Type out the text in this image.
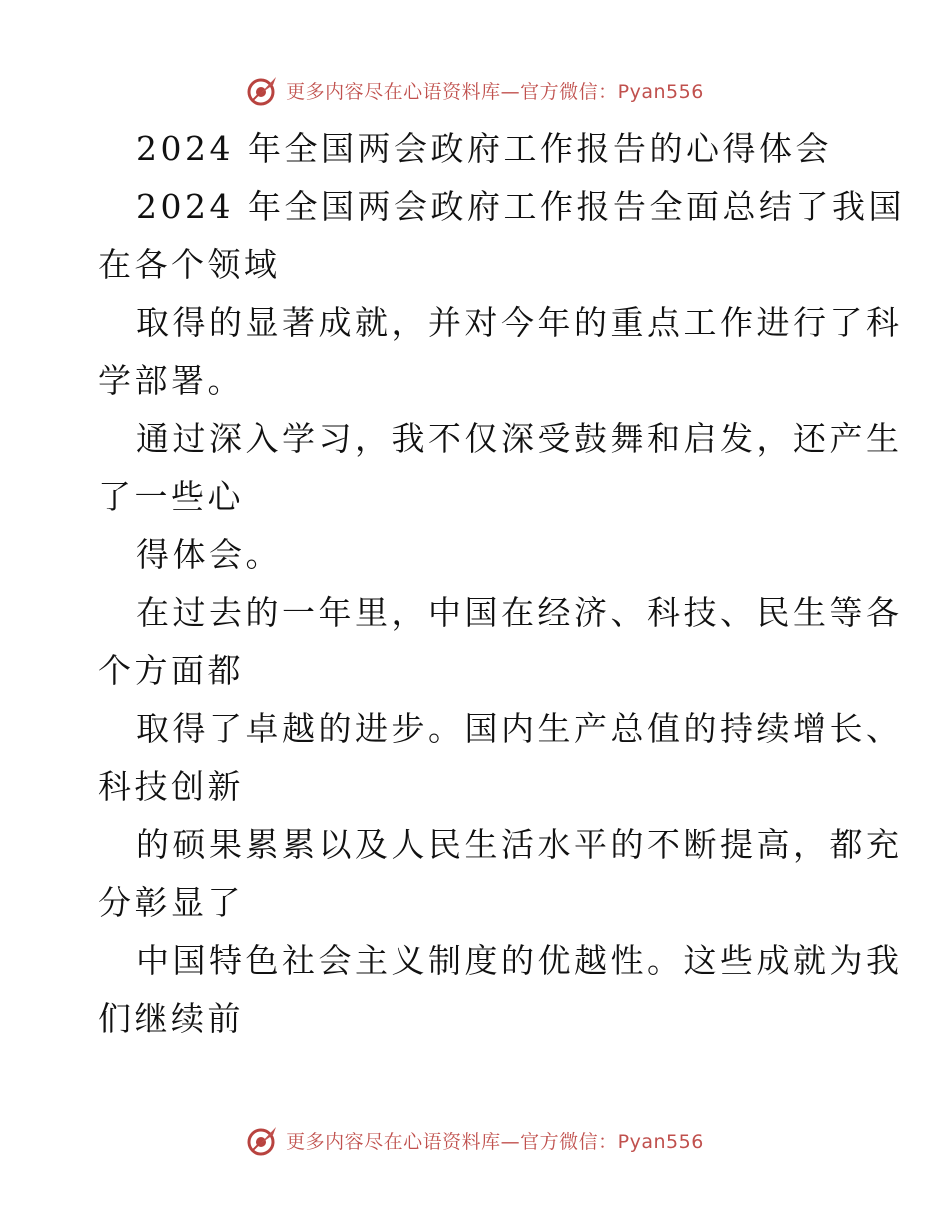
更多内容尽在心语资料库—官方微信：Pyan556
2024 年全国两会政府工作报告的心得体会
2024 年全国两会政府工作报告全面总结了我国
在各个领域
取得的显著成就，并对今年的重点工作进行了科
学部署。
通过深入学习，我不仅深受鼓舞和启发，还产生
了一些心
得体会。
在过去的一年里，中国在经济、科技、民生等各
个方面都
取得了卓越的进步。国内生产总值的持续增长、
科技创新
的硕果累累以及人民生活水平的不断提高，都充
分彰显了
中国特色社会主义制度的优越性。这些成就为我
们继续前
更多内容尽在心语资料库—官方微信：Pyan556
